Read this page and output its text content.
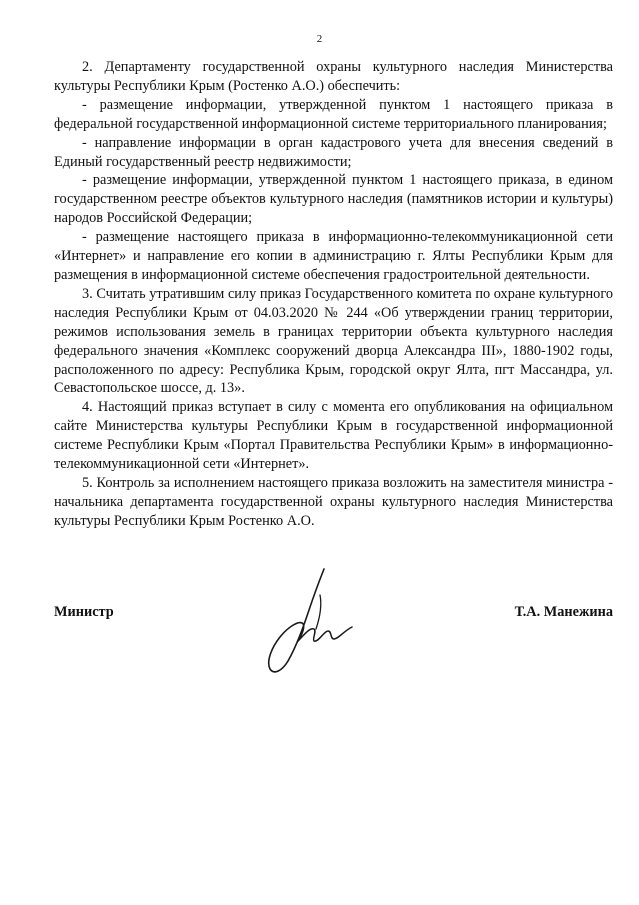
2

2. Департаменту государственной охраны культурного наследия Министерства культуры Республики Крым (Ростенко А.О.) обеспечить:

- размещение информации, утвержденной пунктом 1 настоящего приказа в федеральной государственной информационной системе территориального планирования;

- направление информации в орган кадастрового учета для внесения сведений в Единый государственный реестр недвижимости;

- размещение информации, утвержденной пунктом 1 настоящего приказа, в едином государственном реестре объектов культурного наследия (памятников истории и культуры) народов Российской Федерации;

- размещение настоящего приказа в информационно-телекоммуникационной сети «Интернет» и направление его копии в администрацию г. Ялты Республики Крым для размещения в информационной системе обеспечения градостроительной деятельности.

3. Считать утратившим силу приказ Государственного комитета по охране культурного наследия Республики Крым от 04.03.2020 № 244 «Об утверждении границ территории, режимов использования земель в границах территории объекта культурного наследия федерального значения «Комплекс сооружений дворца Александра III», 1880-1902 годы, расположенного по адресу: Республика Крым, городской округ Ялта, пгт Массандра, ул. Севастопольское шоссе, д. 13».

4. Настоящий приказ вступает в силу с момента его опубликования на официальном сайте Министерства культуры Республики Крым в государственной информационной системе Республики Крым «Портал Правительства Республики Крым» в информационно-телекоммуникационной сети «Интернет».

5. Контроль за исполнением настоящего приказа возложить на заместителя министра - начальника департамента государственной охраны культурного наследия Министерства культуры Республики Крым Ростенко А.О.

Министр	Т.А. Манежина
